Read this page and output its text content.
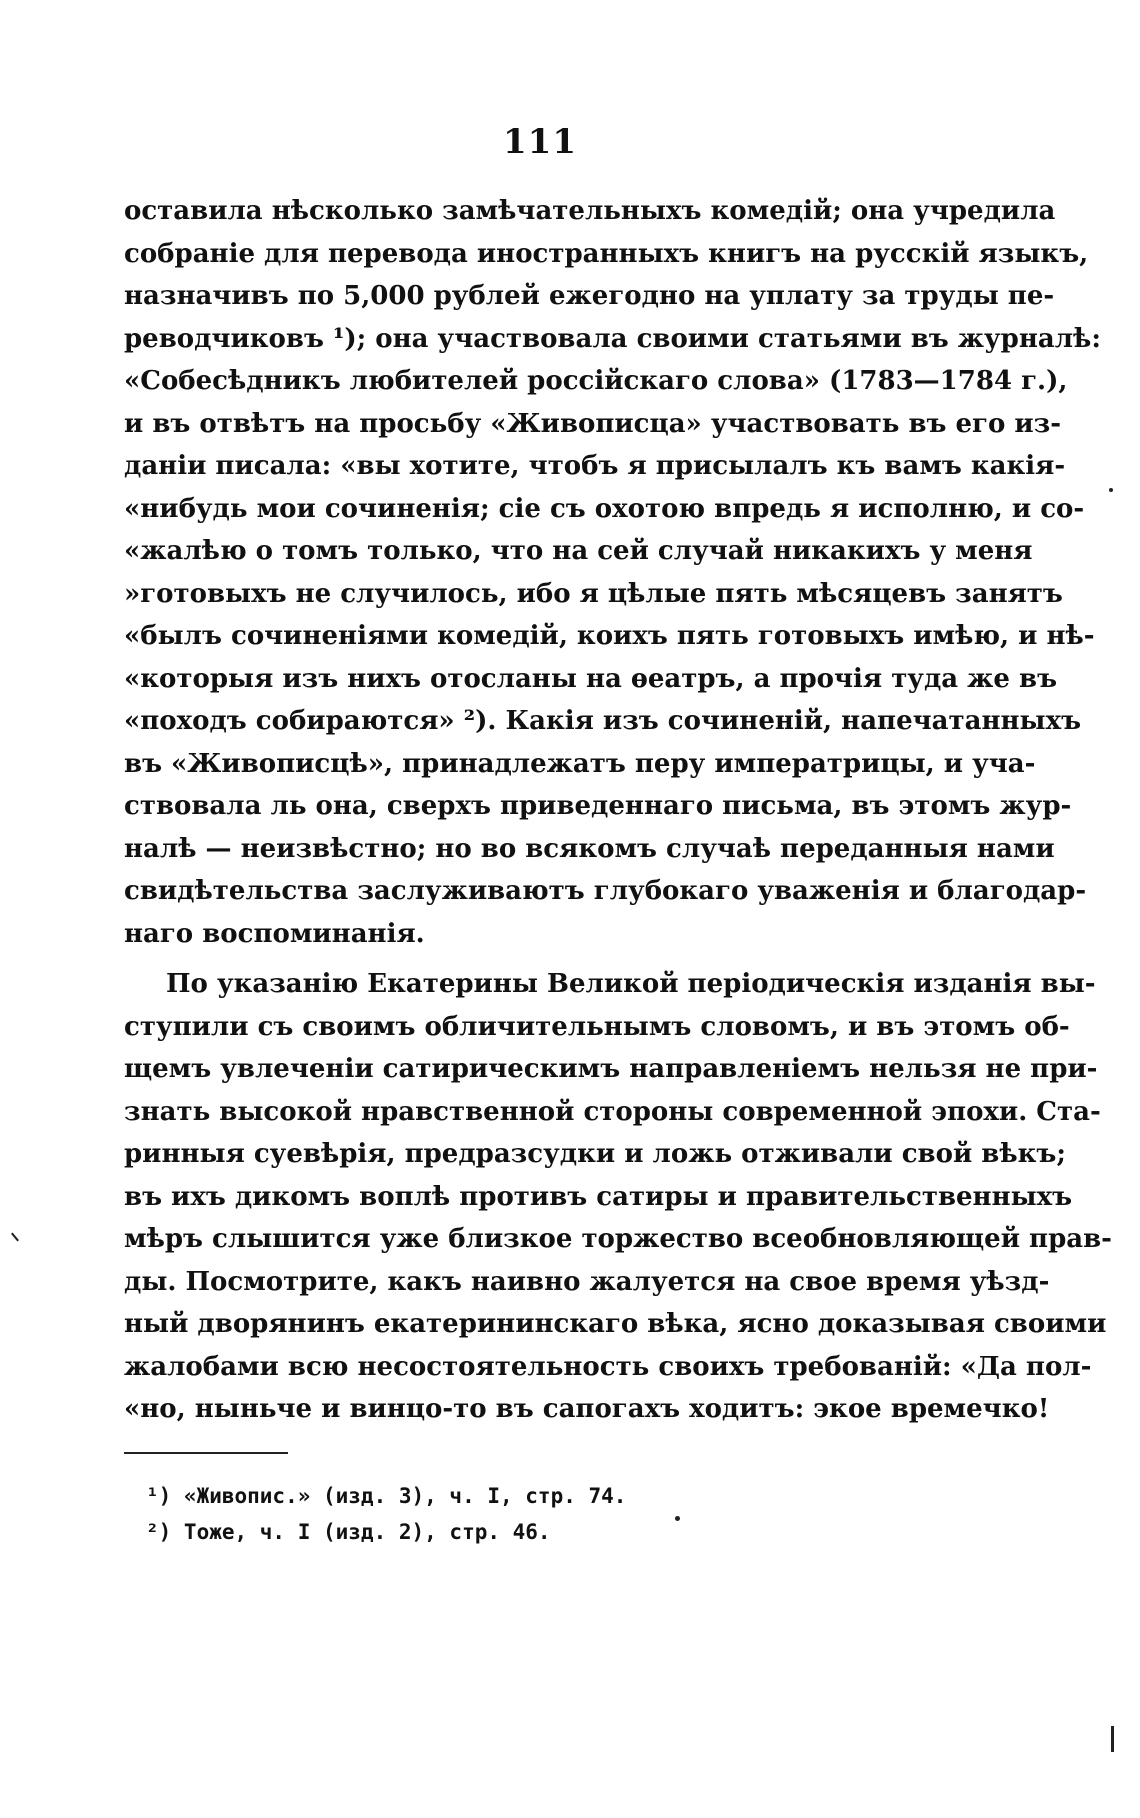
111
оставила нѣсколько замѣчательныхъ комедій; она учредила
собраніе для перевода иностранныхъ книгъ на русскій языкъ,
назначивъ по 5,000 рублей ежегодно на уплату за труды пе-
реводчиковъ ¹); она участвовала своими статьями въ журналѣ:
«Собесѣдникъ любителей россійскаго слова» (1783—1784 г.),
и въ отвѣтъ на просьбу «Живописца» участвовать въ его из-
даніи писала: «вы хотите, чтобъ я присылалъ къ вамъ какія-
«нибудь мои сочиненія; сіе съ охотою впредь я исполню, и со-
«жалѣю о томъ только, что на сей случай никакихъ у меня
»готовыхъ не случилось, ибо я цѣлые пять мѣсяцевъ занятъ
«былъ сочиненіями комедій, коихъ пять готовыхъ имѣю, и нѣ-
«которыя изъ нихъ отосланы на ѳеатръ, а прочія туда же въ
«походъ собираются» ²). Какія изъ сочиненій, напечатанныхъ
въ «Живописцѣ», принадлежатъ перу императрицы, и уча-
ствовала ль она, сверхъ приведеннаго письма, въ этомъ жур-
налѣ — неизвѣстно; но во всякомъ случаѣ переданныя нами
свидѣтельства заслуживаютъ глубокаго уваженія и благодар-
наго воспоминанія.
По указанію Екатерины Великой періодическія изданія вы-
ступили съ своимъ обличительнымъ словомъ, и въ этомъ об-
щемъ увлеченіи сатирическимъ направленіемъ нельзя не при-
знать высокой нравственной стороны современной эпохи. Ста-
ринныя суевѣрія, предразсудки и ложь отживали свой вѣкъ;
въ ихъ дикомъ воплѣ противъ сатиры и правительственныхъ
мѣръ слышится уже близкое торжество всеобновляющей прав-
ды. Посмотрите, какъ наивно жалуется на свое время уѣзд-
ный дворянинъ екатерининскаго вѣка, ясно доказывая своими
жалобами всю несостоятельность своихъ требованій: «Да пол-
«но, ныньче и винцо-то въ сапогахъ ходитъ: экое времечко!
¹) «Живопис.» (изд. 3), ч. I, стр. 74.
²) Тоже, ч. I (изд. 2), стр. 46.
